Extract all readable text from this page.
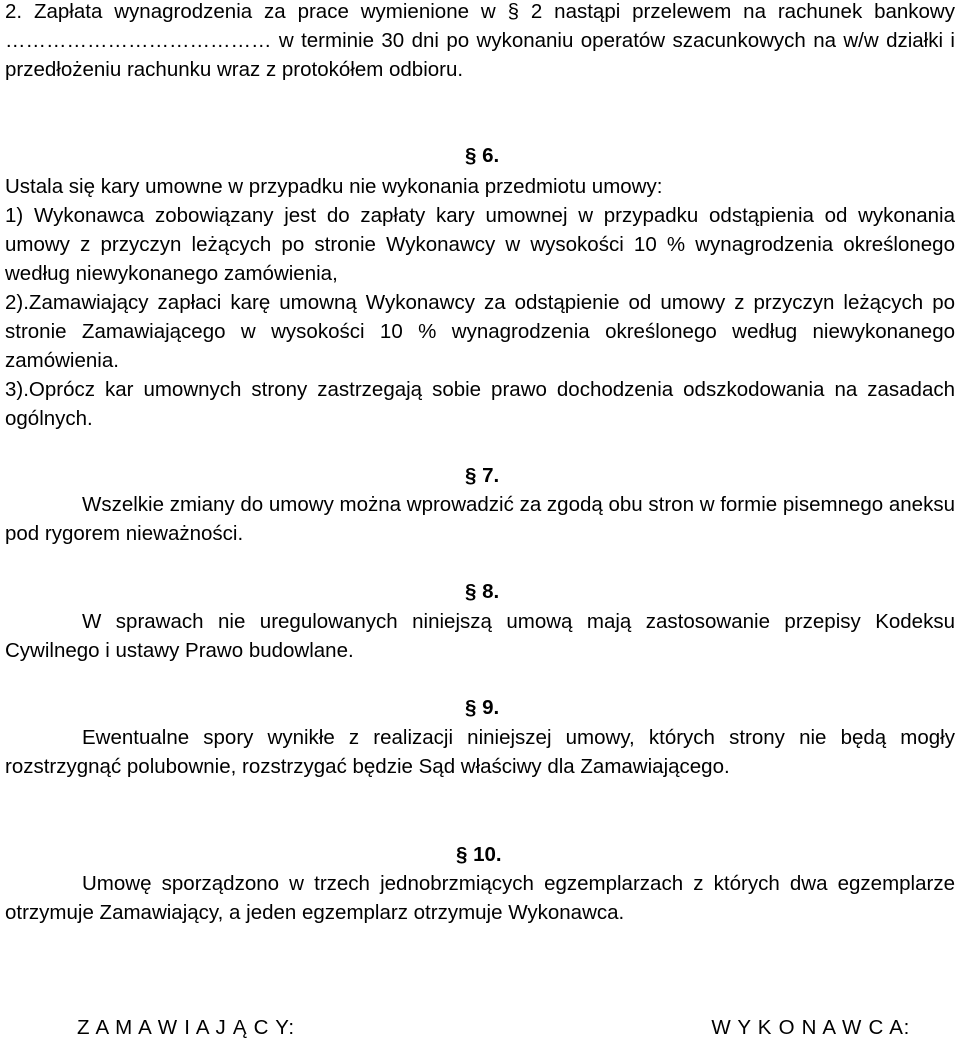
2. Zapłata wynagrodzenia za prace wymienione w § 2 nastąpi przelewem na rachunek bankowy ………………………………… w terminie 30 dni po wykonaniu operatów szacunkowych na w/w działki i przedłożeniu rachunku wraz z protokółem odbioru.

§ 6.

Ustala się kary umowne w przypadku nie wykonania przedmiotu umowy:

1) Wykonawca zobowiązany jest do zapłaty kary umownej w przypadku odstąpienia od wykonania umowy z przyczyn leżących po stronie Wykonawcy w wysokości 10 % wynagrodzenia określonego według niewykonanego zamówienia,

2).Zamawiający zapłaci karę umowną Wykonawcy za odstąpienie od umowy z przyczyn leżących po stronie Zamawiającego w wysokości 10 % wynagrodzenia określonego według niewykonanego zamówienia.

3).Oprócz kar umownych strony zastrzegają sobie prawo dochodzenia odszkodowania na zasadach ogólnych.

§ 7.

Wszelkie zmiany do umowy można wprowadzić za zgodą obu stron w formie pisemnego aneksu pod rygorem nieważności.

§ 8.

W sprawach nie uregulowanych niniejszą umową mają zastosowanie przepisy Kodeksu Cywilnego i ustawy Prawo budowlane.

§ 9.

Ewentualne spory wynikłe z realizacji niniejszej umowy, których strony nie będą mogły rozstrzygnąć polubownie, rozstrzygać będzie Sąd właściwy dla Zamawiającego.

§ 10.

Umowę sporządzono w trzech jednobrzmiących egzemplarzach z których dwa egzemplarze otrzymuje Zamawiający, a jeden egzemplarz otrzymuje Wykonawca.

Z A M A W I A J Ą C Y:	W Y K O N A W C A:
